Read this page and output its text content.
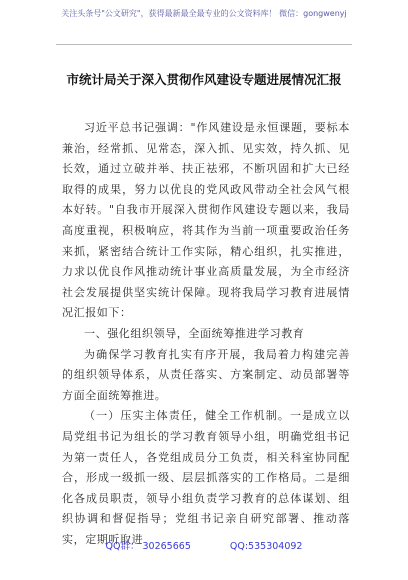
关注头条号"公文研究"，获得最新最全最专业的公文资料库！ 微信：gongwenyj
市统计局关于深入贯彻作风建设专题进展情况汇报

习近平总书记强调："作风建设是永恒课题，要标本兼治，经常抓、见常态，深入抓、见实效，持久抓、见长效，通过立破并举、扶正祛邪，不断巩固和扩大已经取得的成果，努力以优良的党风政风带动全社会风气根本好转。"自我市开展深入贯彻作风建设专题以来，我局高度重视，积极响应，将其作为当前一项重要政治任务来抓，紧密结合统计工作实际，精心组织，扎实推进，力求以优良作风推动统计事业高质量发展，为全市经济社会发展提供坚实统计保障。现将我局学习教育进展情况汇报如下：

一、强化组织领导，全面统筹推进学习教育

为确保学习教育扎实有序开展，我局着力构建完善的组织领导体系，从责任落实、方案制定、动员部署等方面全面统筹推进。

（一）压实主体责任，健全工作机制。一是成立以局党组书记为组长的学习教育领导小组，明确党组书记为第一责任人，各党组成员分工负责，相关科室协同配合，形成一级抓一级、层层抓落实的工作格局。二是细化各成员职责，领导小组负责学习教育的总体谋划、组织协调和督促指导；党组书记亲自研究部署、推动落实，定期听取进

QQ群： 30265665	QQ:535304092
